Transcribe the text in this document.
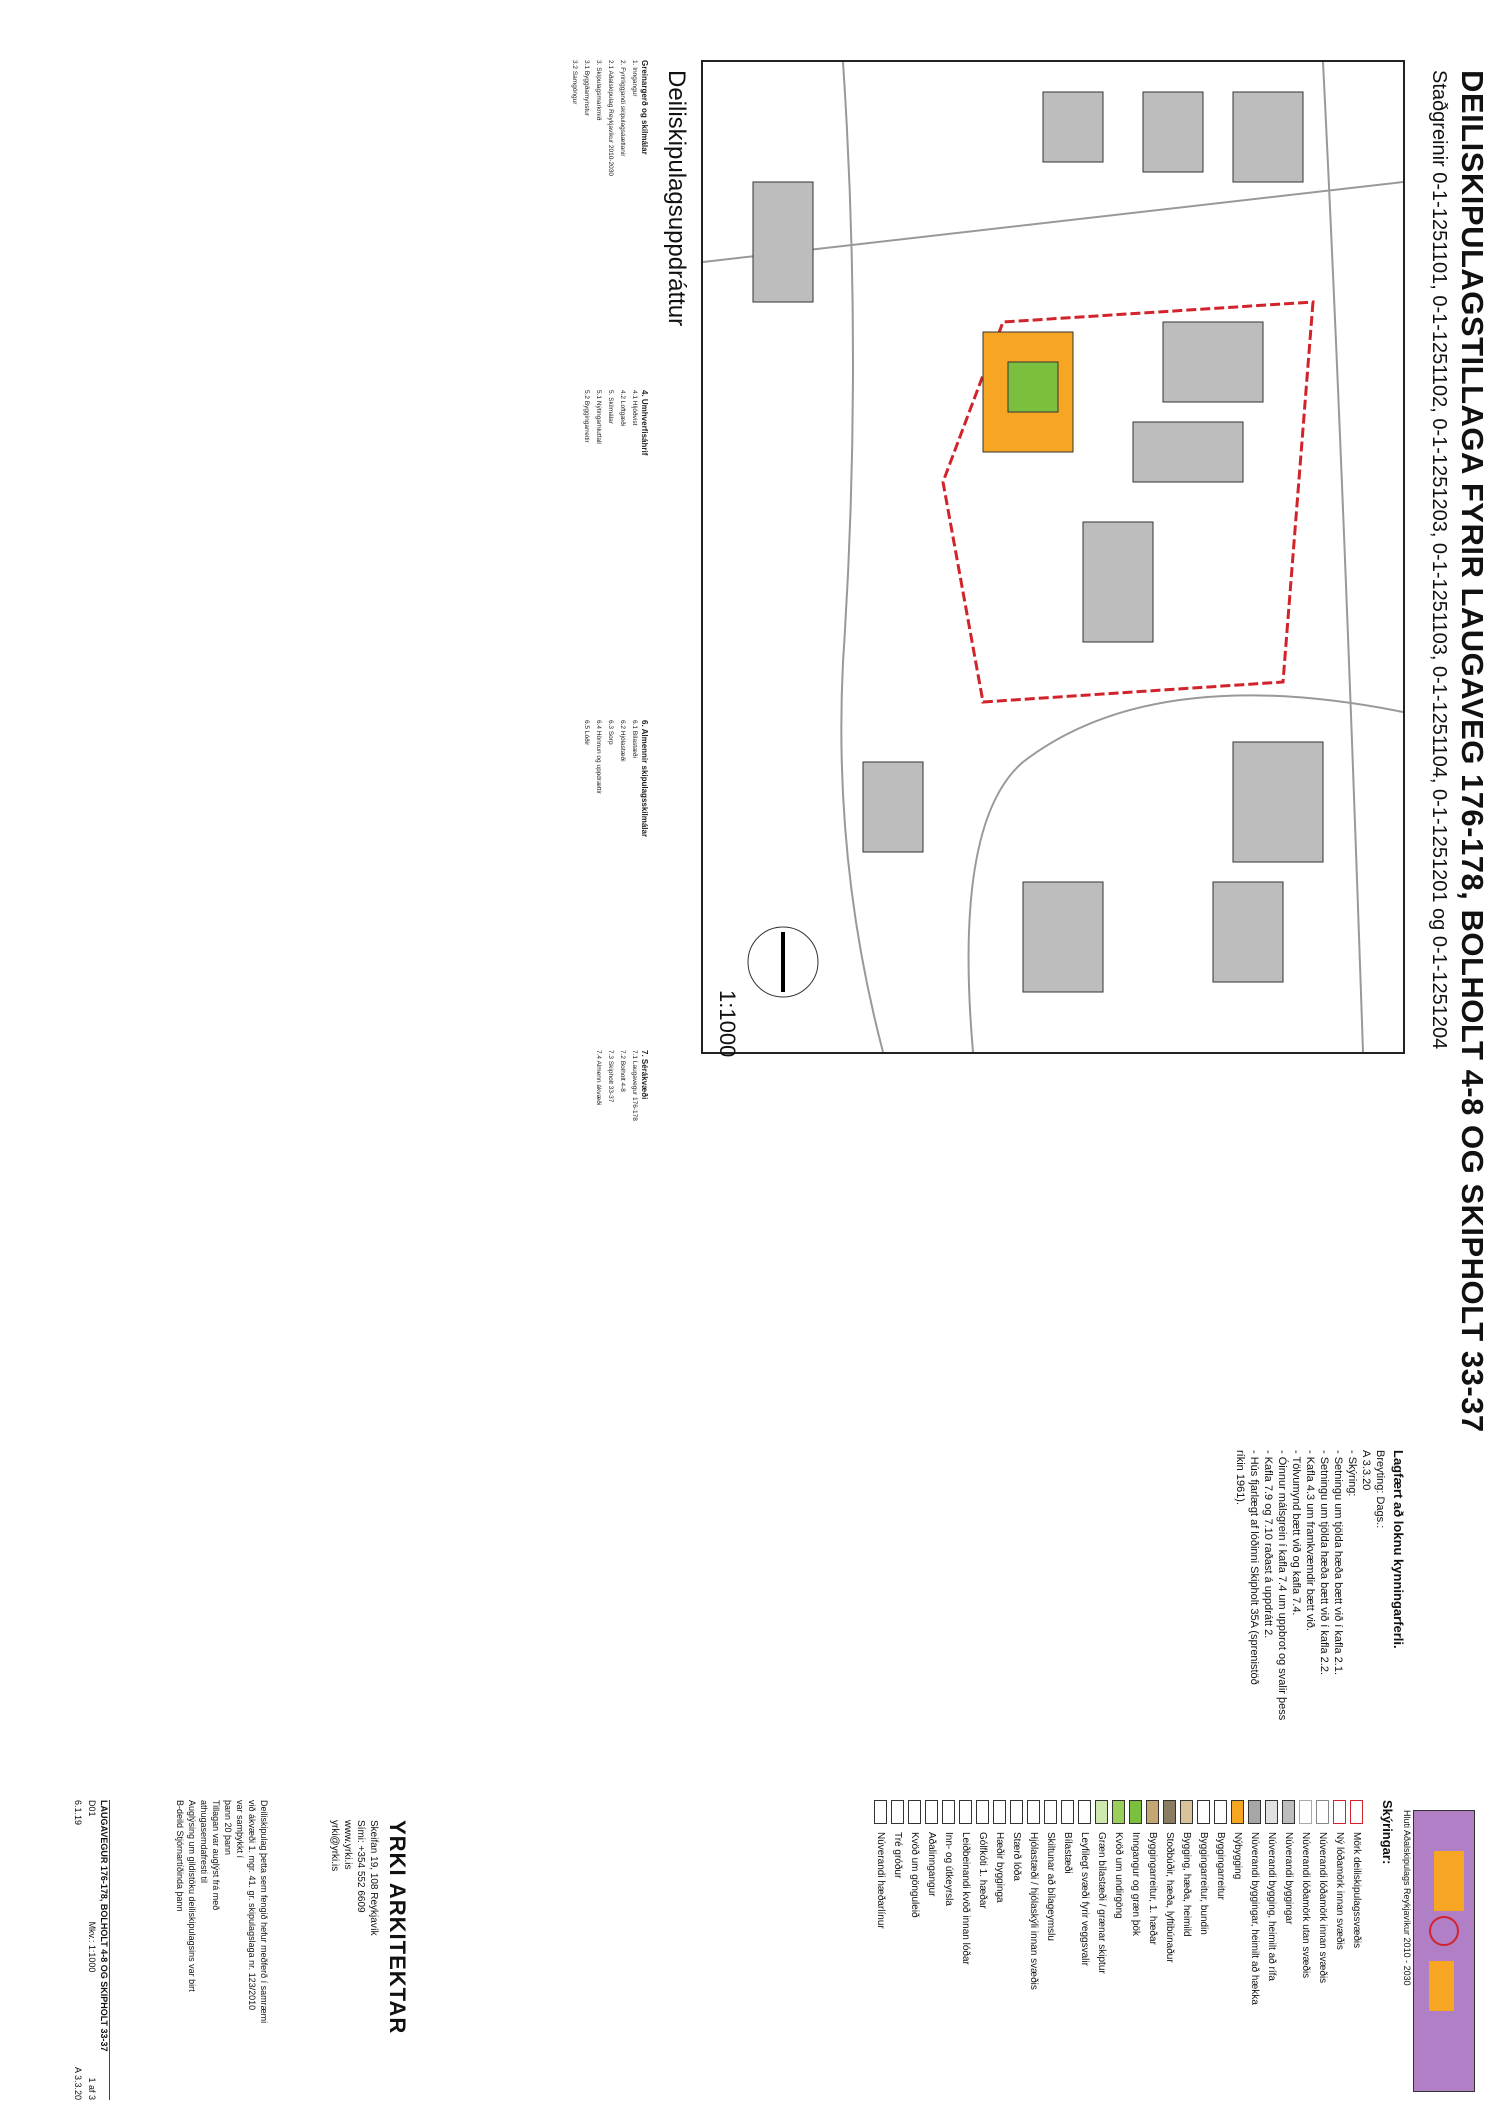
DEILISKIPULAGSTILLAGA FYRIR LAUGAVEG 176-178, BOLHOLT 4-8 OG SKIPHOLT 33-37
Staðgreinir 0-1-1251101, 0-1-1251102, 0-1-1251203, 0-1-1251103, 0-1-1251104, 0-1-1251201 og 0-1-1251204
Deiliskipulagsuppdráttur
1:1000
Greinargerð og skilmálar

1. Inngangur

2. Fyrirliggjandi skipulagsáætlanir

2.1 Aðalskipulag Reykjavíkur 2010-2030

3. Skipulagsmarkmið

3.1 Byggðamynstur

3.2 Samgöngur

4. Umhverfisáhrif

4.1 Hljóðvist

4.2 Loftgæði

5. Skilmálar

5.1 Nýtingarhlutfall

5.2 Byggingarreitir

6. Almennir skipulagsskilmálar

6.1 Bílastæði

6.2 Hjólastæði

6.3 Sorp

6.4 Hönnun og uppdrættir

6.5 Lóðir

7. Sérákvæði

7.1 Laugavegur 176-178

7.2 Bolholt 4-8

7.3 Skipholt 33-37

7.4 Almenn ákvæði

Lagfært að loknu kynningarferli.
Breyting: Dags.:
A 3.3.20
- Skýring:
- Setningu um tjölda hæða bætt við í kafla 2.1.
- Setningu um tjölda hæða bætt við í kafla 2.2.
- Kafla 4.3 um framkvæmdir bætt við.
- Tölvumynd bætt við og kafla 7.4.
- Óinnur málsgrein í kafla 7.4 um uppbrot og svalir þess
- Kafla 7.9 og 7.10 raðast á uppdrátt 2.
- Hús fjarlægt af lóðinni Skipholt 35A (sprenistöð
ríkin 1961).
Hluti Aðalskipulags Reykjavíkur 2010 - 2030
Skýringar:
Mörk deiliskipulagssvæðis
Ný lóðamörk innan svæðis
Núverandi lóðamörk innan svæðis
Núverandi lóðamörk utan svæðis
Núverandi byggingar
Núverandi bygging, heimilt að rífa
Núverandi byggingar, heimilt að hækka
Nýbygging
Byggingarreitur
Byggingarreitur, bundin
Bygging, hæða, heimild
Stoðbúðir, hæða, lyftibúnaður
Byggingarreitur, 1. hæðar
Inngangur og græn þök
Kvöð um undirgöng
Græn bílastæði / grænar skiptur
Leyfilegt svæði fyrir veggsvalir
Bílastæði
Skiltunar að bílageymslu
Hjólastæði / hjólaskýli innan svæðis
Stærð lóða
Hæðir bygginga
Gólfkóti 1. hæðar
Leiðbeinandi kvöð innan lóðar
Inn- og útkeyrsla
Aðalinngangur
Kvöð um gönguleið
Tré gróður
Núverandi hæðarlínur
Deiliskipulag þetta sem fengið hefur meðferð í samræmi
við ákvæði 1. mgr. 41. gr. skipulagslaga nr. 123/2010
var samþykkt í
þann 20 þann
Tillagan var auglýst frá með
athugasemdafresti til
Auglýsing um gildistöku deiliskipulagsins var birt
B-deild Stjórnartíðinda þann	YRKI ARKITEKTAR
Skeifan 19, 108 Reykjavík
Sími: +354 552 6609
www.yrki.is
yrki@yrki.is
LAUGAVEGUR 176-178, BOLHOLT 4-8 OG SKIPHOLT 33-37
D01
Mkv.: 1:1000
1 af 3
6.1.19
A 3.3.20
